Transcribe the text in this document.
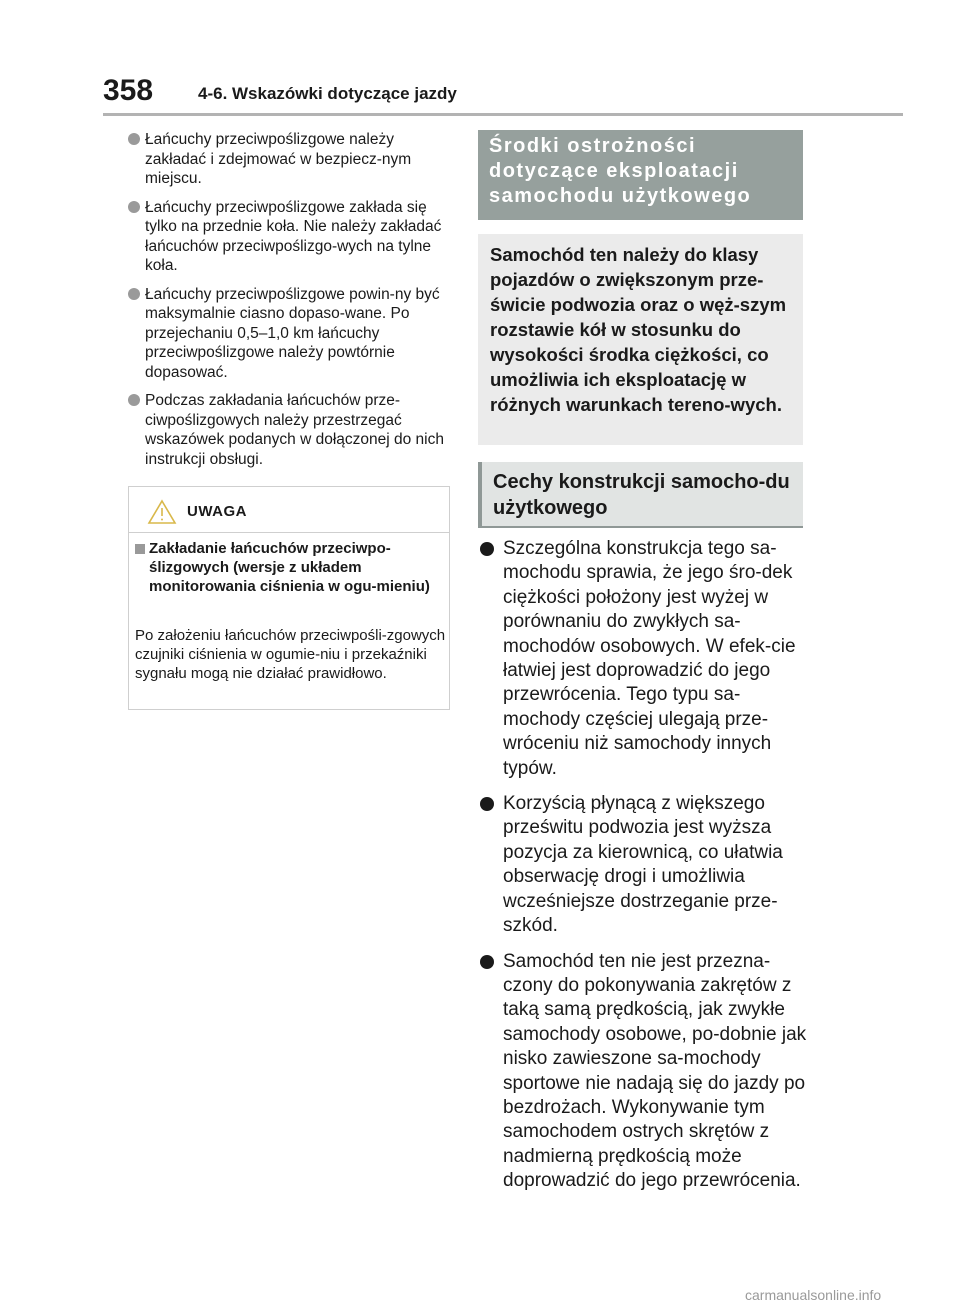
358	4-6. Wskazówki dotyczące jazdy
Łańcuchy przeciwpoślizgowe należy zakładać i zdejmować w bezpiecz-nym miejscu.
Łańcuchy przeciwpoślizgowe zakłada się tylko na przednie koła. Nie należy zakładać łańcuchów przeciwpoślizgo-wych na tylne koła.
Łańcuchy przeciwpoślizgowe powin-ny być maksymalnie ciasno dopaso-wane. Po przejechaniu 0,5–1,0 km łańcuchy przeciwpoślizgowe należy powtórnie dopasować.
Podczas zakładania łańcuchów prze-ciwpoślizgowych należy przestrzegać wskazówek podanych w dołączonej do nich instrukcji obsługi.
UWAGA
Zakładanie łańcuchów przeciwpo-ślizgowych (wersje z układem monitorowania ciśnienia w ogu-mieniu)
Po założeniu łańcuchów przeciwpośli-zgowych czujniki ciśnienia w ogumie-niu i przekaźniki sygnału mogą nie działać prawidłowo.
Środki ostrożności dotyczące eksploatacji samochodu użytkowego
Samochód ten należy do klasy pojazdów o zwiększonym prze-świcie podwozia oraz o węż-szym rozstawie kół w stosunku do wysokości środka ciężkości, co umożliwia ich eksploatację w różnych warunkach tereno-wych.
Cechy konstrukcji samocho-du użytkowego
Szczególna konstrukcja tego sa-mochodu sprawia, że jego śro-dek ciężkości położony jest wyżej w porównaniu do zwykłych sa-mochodów osobowych. W efek-cie łatwiej jest doprowadzić do jego przewrócenia. Tego typu sa-mochody częściej ulegają prze-wróceniu niż samochody innych typów.
Korzyścią płynącą z większego prześwitu podwozia jest wyższa pozycja za kierownicą, co ułatwia obserwację drogi i umożliwia wcześniejsze dostrzeganie prze-szkód.
Samochód ten nie jest przezna-czony do pokonywania zakrętów z taką samą prędkością, jak zwykłe samochody osobowe, po-dobnie jak nisko zawieszone sa-mochody sportowe nie nadają się do jazdy po bezdrożach. Wykonywanie tym samochodem ostrych skrętów z nadmierną prędkością może doprowadzić do jego przewrócenia.
carmanualsonline.info
